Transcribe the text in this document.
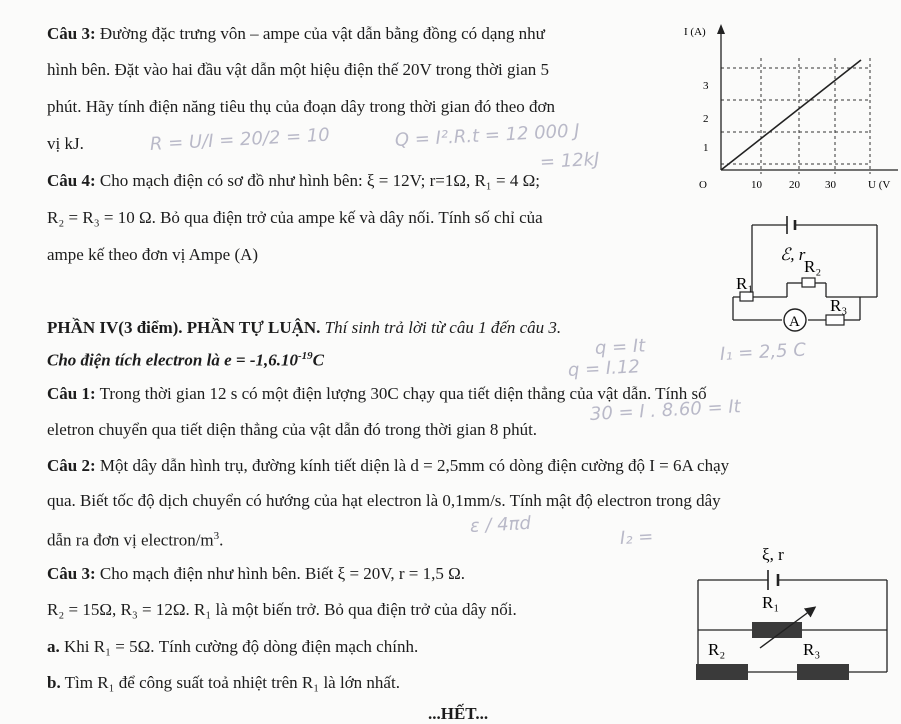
Câu 3: Đường đặc trưng vôn – ampe của vật dẫn bằng đồng có dạng như
hình bên. Đặt vào hai đầu vật dẫn một hiệu điện thế 20V trong thời gian 5
phút. Hãy tính điện năng tiêu thụ của đoạn dây trong thời gian đó theo đơn
vị kJ.
I (A)
3
2
1
O	10 20 30	U (V
Câu 4: Cho mạch điện có sơ đồ như hình bên: ξ = 12V; r=1Ω, R₁ = 4 Ω;
R₂ = R₃ = 10 Ω. Bỏ qua điện trở của ampe kế và dây nối. Tính số chỉ của
ampe kế theo đơn vị Ampe (A)	ℰ, r
R₂
R₁
A
R₃
PHẦN IV(3 điểm). PHẦN TỰ LUẬN. Thí sinh trả lời từ câu 1 đến câu 3.
Cho điện tích electron là $e = -1,6.10^{-19}C$
Câu 1: Trong thời gian 12 s có một điện lượng 30C chạy qua tiết diện thẳng của vật dẫn. Tính số
eletron chuyển qua tiết diện thẳng của vật dẫn đó trong thời gian 8 phút.
Câu 2: Một dây dẫn hình trụ, đường kính tiết diện là d = 2,5mm có dòng điện cường độ I = 6A chạy
qua. Biết tốc độ dịch chuyển có hướng của hạt electron là 0,1mm/s. Tính mật độ electron trong dây
dẫn ra đơn vị electron/$m^3$.
Câu 3: Cho mạch điện như hình bên. Biết ξ = 20V, r = 1,5 Ω.
R₂ = 15Ω, R₃ = 12Ω. R₁ là một biến trở. Bỏ qua điện trở của dây nối.
a. Khi R₁ = 5Ω. Tính cường độ dòng điện mạch chính.
b. Tìm R₁ để công suất toả nhiệt trên R₁ là lớn nhất.
ξ, r
R₁
R₂	R₃
...HẾT...
R = U/I = 20/2 = 10	Q = I².R.t = 12 000 J
= 12kJ
q = It
q = I.12
I₁ = 2,5 C
30 = I . 8.60 = It
ε / 4πd
I₂ =
